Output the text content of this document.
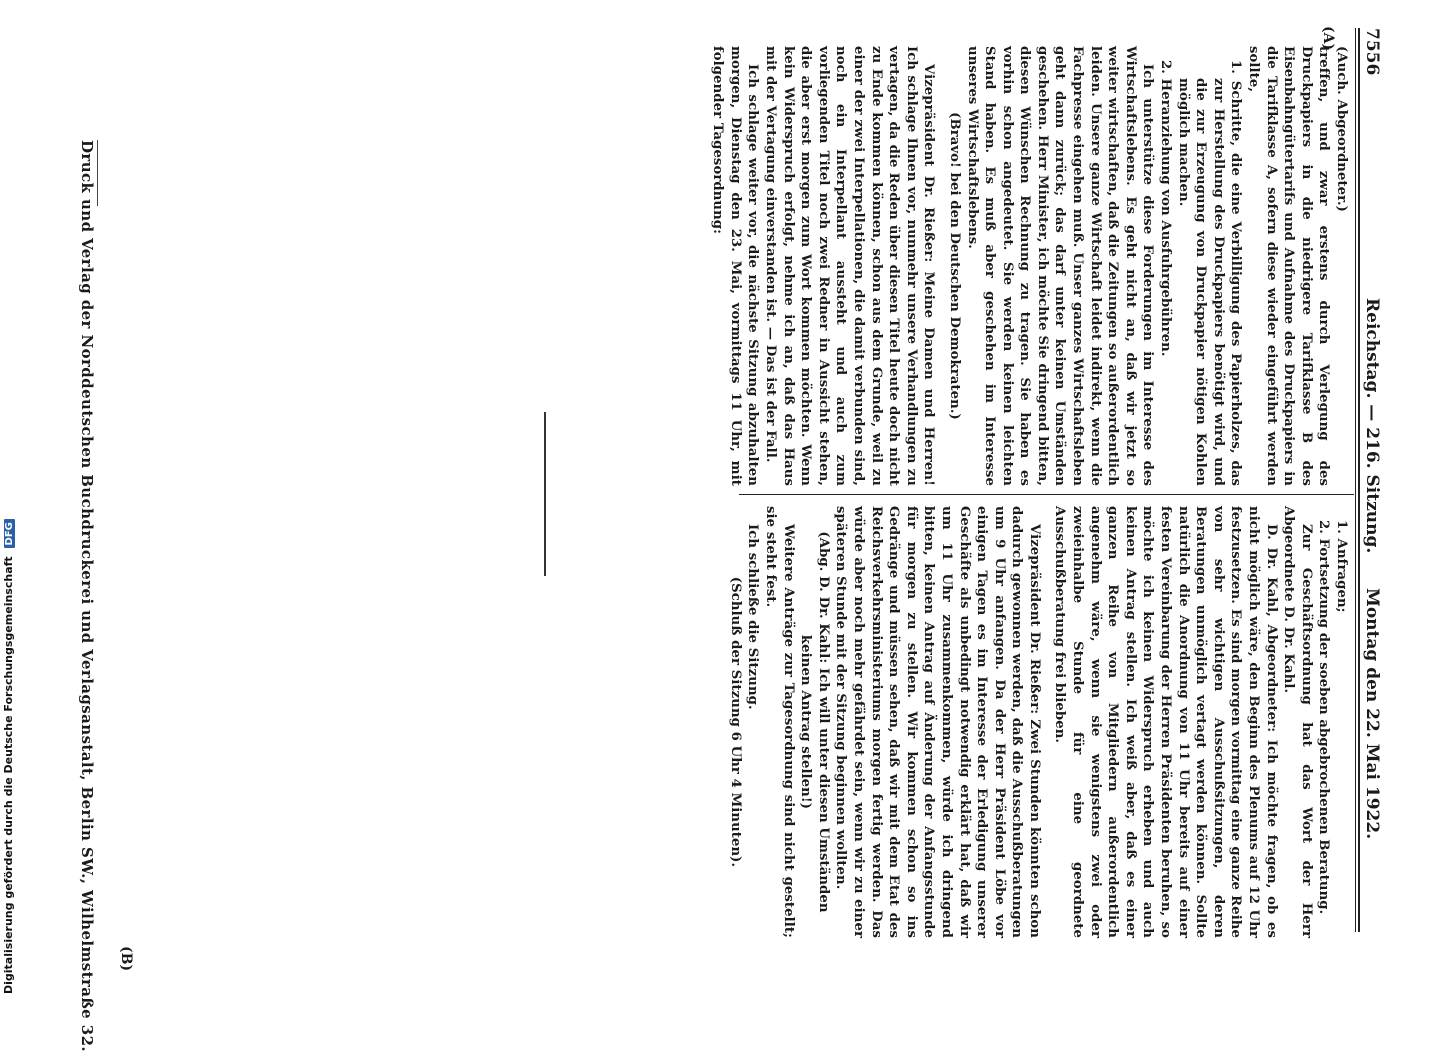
7556
Reichstag. — 216. Sitzung.
Montag den 22. Mai 1922.
(A)
(B)

(Auch. Abgeordneter.)

treffen, und zwar erstens durch Verlegung des Druckpapiers in die niedrigere Tarifklasse B des Eisenbahngütertarifs und Aufnahme des Druckpapiers in die Tarifklasse A, sofern diese wieder eingeführt werden sollte,

1. Schritte, die eine Verbilligung des Papierholzes, das zur Herstellung des Druckpapiers benötigt wird, und die zur Erzeugung von Druckpapier nötigen Kohlen möglich machen.

2. Heranziehung von Ausfuhrgebühren.

Ich unterstütze diese Forderungen im Interesse des Wirtschaftslebens. Es geht nicht an, daß wir jetzt so weiter wirtschaften, daß die Zeitungen so außerordentlich leiden. Unsere ganze Wirtschaft leidet indirekt, wenn die Fachpresse eingehen muß. Unser ganzes Wirtschaftsleben geht dann zurück; das darf unter keinen Umständen geschehen. Herr Minister, ich möchte Sie dringend bitten, diesen Wünschen Rechnung zu tragen. Sie haben es vorhin schon angedeutet. Sie werden keinen leichten Stand haben. Es muß aber geschehen im Interesse unseres Wirtschaftslebens.

(Bravo! bei den Deutschen Demokraten.)

Vizepräsident Dr. Rießer: Meine Damen und Herren! Ich schlage Ihnen vor, nunmehr unsere Verhandlungen zu vertagen, da die Reden über diesen Titel heute doch nicht zu Ende kommen können, schon aus dem Grunde, weil zu einer der zwei Interpellationen, die damit verbunden sind, noch ein Interpellant aussteht und auch zum vorliegenden Titel noch zwei Redner in Aussicht stehen, die aber erst morgen zum Wort kommen möchten. Wenn kein Widerspruch erfolgt, nehme ich an, daß das Haus mit der Vertagung einverstanden ist. — Das ist der Fall.

Ich schlage weiter vor, die nächste Sitzung abzuhalten morgen, Dienstag den 23. Mai, vormittags 11 Uhr, mit folgender Tagesordnung:

1. Anfragen;

2. Fortsetzung der soeben abgebrochenen Beratung.

Zur Geschäftsordnung hat das Wort der Herr Abgeordnete D. Dr. Kahl.

D. Dr. Kahl, Abgeordneter: Ich möchte fragen, ob es nicht möglich wäre, den Beginn des Plenums auf 12 Uhr festzusetzen. Es sind morgen vormittag eine ganze Reihe von sehr wichtigen Ausschußsitzungen, deren Beratungen unmöglich vertagt werden können. Sollte natürlich die Anordnung von 11 Uhr bereits auf einer festen Vereinbarung der Herren Präsidenten beruhen, so möchte ich keinen Widerspruch erheben und auch keinen Antrag stellen. Ich weiß aber, daß es einer ganzen Reihe von Mitgliedern außerordentlich angenehm wäre, wenn sie wenigstens zwei oder zweieinhalbe Stunde für eine geordnete Ausschußberatung frei blieben.

Vizepräsident Dr. Rießer: Zwei Stunden könnten schon dadurch gewonnen werden, daß die Ausschußberatungen um 9 Uhr anfangen. Da der Herr Präsident Löbe vor einigen Tagen es im Interesse der Erledigung unserer Geschäfte als unbedingt notwendig erklärt hat, daß wir um 11 Uhr zusammenkommen, würde ich dringend bitten, keinen Antrag auf Änderung der Anfangsstunde für morgen zu stellen. Wir kommen schon so ins Gedränge und müssen sehen, daß wir mit dem Etat des Reichsverkehrsministeriums morgen fertig werden. Das würde aber noch mehr gefährdet sein, wenn wir zu einer späteren Stunde mit der Sitzung beginnen wollten.

(Abg. D. Dr. Kahl: Ich will unter diesen Umständen keinen Antrag stellen!)

Weitere Anträge zur Tagesordnung sind nicht gestellt; sie steht fest.

Ich schließe die Sitzung.

(Schluß der Sitzung 6 Uhr 4 Minuten).

Druck und Verlag der Norddeutschen Buchdruckerei und Verlagsanstalt, Berlin SW., Wilhelmstraße 32.
Digitalisierung gefördert durch die Deutsche Forschungsgemeinschaft DFG
